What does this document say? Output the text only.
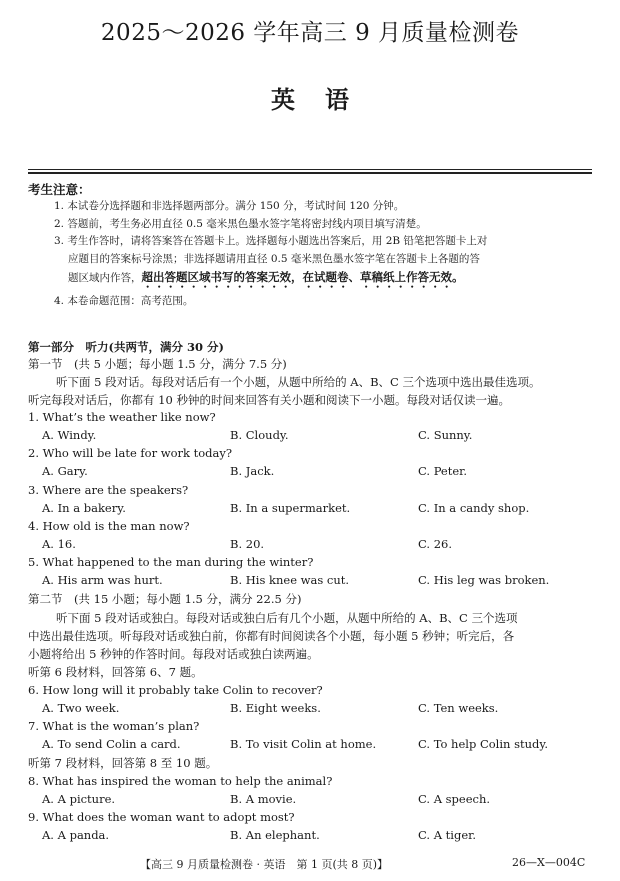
2025～2026 学年高三 9 月质量检测卷
英语
考生注意：
1. 本试卷分选择题和非选择题两部分。满分 150 分，考试时间 120 分钟。
2. 答题前，考生务必用直径 0.5 毫米黑色墨水签字笔将密封线内项目填写清楚。
3. 考生作答时，请将答案答在答题卡上。选择题每小题选出答案后，用 2B 铅笔把答题卡上对
应题目的答案标号涂黑；非选择题请用直径 0.5 毫米黑色墨水签字笔在答题卡上各题的答
题区域内作答，超出答题区域书写的答案无效，在试题卷、草稿纸上作答无效。
4. 本卷命题范围：高考范围。
第一部分　听力(共两节，满分 30 分)
第一节　(共 5 小题；每小题 1.5 分，满分 7.5 分)
听下面 5 段对话。每段对话后有一个小题，从题中所给的 A、B、C 三个选项中选出最佳选项。
听完每段对话后，你都有 10 秒钟的时间来回答有关小题和阅读下一小题。每段对话仅读一遍。
1. What’s the weather like now?
A. Windy.	B. Cloudy.	C. Sunny.
2. Who will be late for work today?
A. Gary.	B. Jack.	C. Peter.
3. Where are the speakers?
A. In a bakery.	B. In a supermarket.	C. In a candy shop.
4. How old is the man now?
A. 16.	B. 20.	C. 26.
5. What happened to the man during the winter?
A. His arm was hurt.	B. His knee was cut.	C. His leg was broken.
第二节　(共 15 小题；每小题 1.5 分，满分 22.5 分)
听下面 5 段对话或独白。每段对话或独白后有几个小题，从题中所给的 A、B、C 三个选项
中选出最佳选项。听每段对话或独白前，你都有时间阅读各个小题，每小题 5 秒钟；听完后，各
小题将给出 5 秒钟的作答时间。每段对话或独白读两遍。
听第 6 段材料，回答第 6、7 题。
6. How long will it probably take Colin to recover?
A. Two week.	B. Eight weeks.	C. Ten weeks.
7. What is the woman’s plan?
A. To send Colin a card.	B. To visit Colin at home.	C. To help Colin study.
听第 7 段材料，回答第 8 至 10 题。
8. What has inspired the woman to help the animal?
A. A picture.	B. A movie.	C. A speech.
9. What does the woman want to adopt most?
A. A panda.	B. An elephant.	C. A tiger.
【高三 9 月质量检测卷 · 英语　第 1 页(共 8 页)】	26—X—004C
